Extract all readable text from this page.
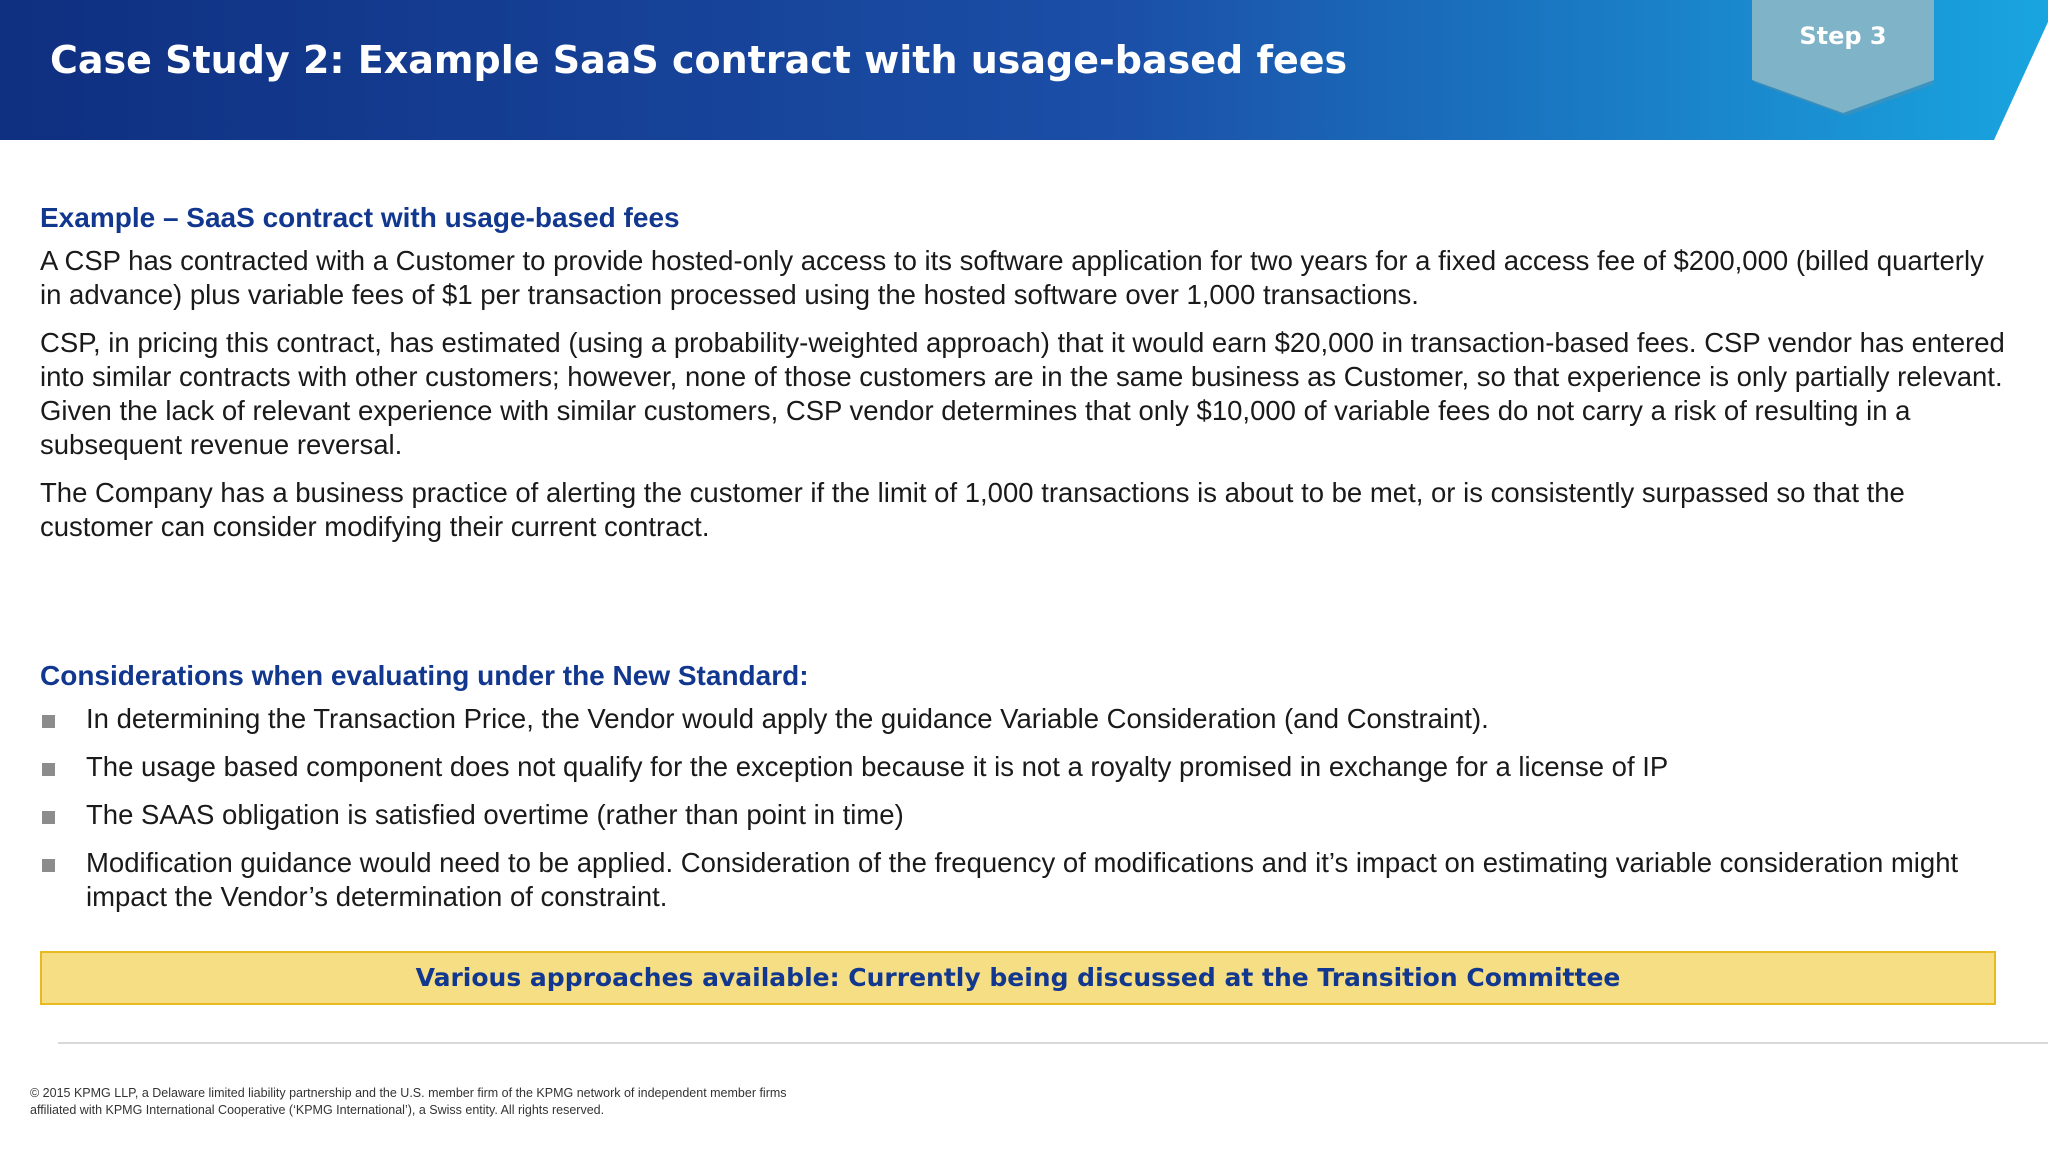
Case Study 2: Example SaaS contract with usage-based fees
Step 3
Example – SaaS contract with usage-based fees

A CSP has contracted with a Customer to provide hosted-only access to its software application for two years for a fixed access fee of $200,000 (billed quarterly in advance) plus variable fees of $1 per transaction processed using the hosted software over 1,000 transactions.

CSP, in pricing this contract, has estimated (using a probability-weighted approach) that it would earn $20,000 in transaction-based fees. CSP vendor has entered into similar contracts with other customers; however, none of those customers are in the same business as Customer, so that experience is only partially relevant. Given the lack of relevant experience with similar customers, CSP vendor determines that only $10,000 of variable fees do not carry a risk of resulting in a subsequent revenue reversal.

The Company has a business practice of alerting the customer if the limit of 1,000 transactions is about to be met, or is consistently surpassed so that the customer can consider modifying their current contract.

Considerations when evaluating under the New Standard:
In determining the Transaction Price, the Vendor would apply the guidance Variable Consideration (and Constraint).
The usage based component does not qualify for the exception because it is not a royalty promised in exchange for a license of IP
The SAAS obligation is satisfied overtime (rather than point in time)
Modification guidance would need to be applied. Consideration of the frequency of modifications and it’s impact on estimating variable consideration might impact the Vendor’s determination of constraint.
Various approaches available: Currently being discussed at the Transition Committee
© 2015 KPMG LLP, a Delaware limited liability partnership and the U.S. member firm of the KPMG network of independent member firms
affiliated with KPMG International Cooperative (‘KPMG International’), a Swiss entity. All rights reserved.
